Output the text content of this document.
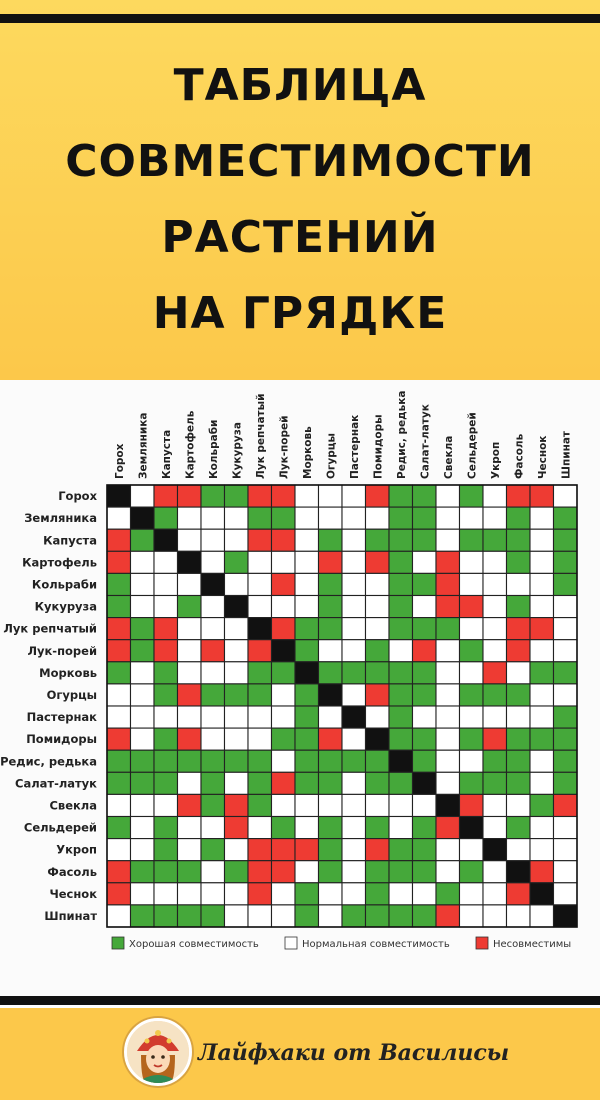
ТАБЛИЦА
СОВМЕСТИМОСТИ
РАСТЕНИЙ
НА ГРЯДКЕ
Горох Земляника Капуста Картофель Кольраби Кукуруза Лук репчатый Лук-порей Морковь Огурцы Пастернак Помидоры Редис, редька Салат-латук Свекла Сельдерей Укроп Фасоль Чеснок Шпинат
Горох
Земляника
Капуста
Картофель
Кольраби
Кукуруза
Лук репчатый
Лук-порей
Морковь
Огурцы
Пастернак
Помидоры
Редис, редька
Салат-латук
Свекла
Сельдерей
Укроп
Фасоль
Чеснок
Шпинат
Хорошая совместимость	Нормальная совместимость	Несовместимы
Лайфхаки от Василисы
